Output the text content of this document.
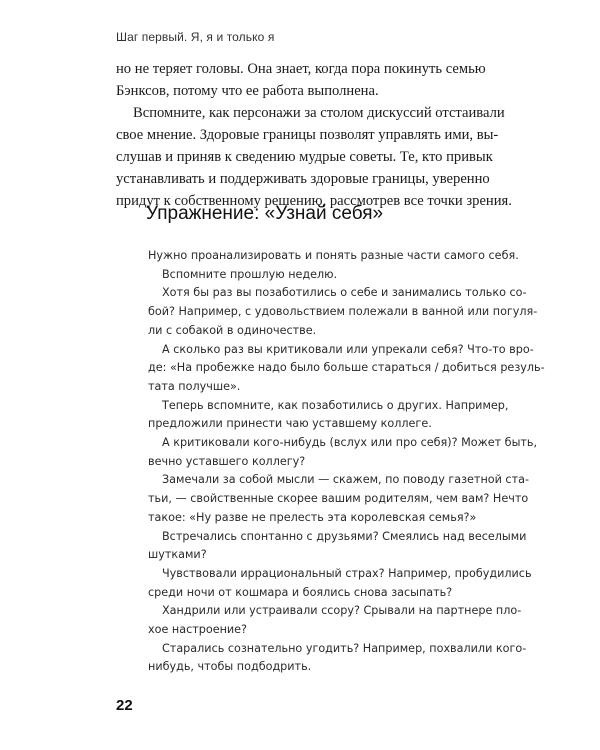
Шаг первый. Я, я и только я
но не теряет головы. Она знает, когда пора покинуть семью
Бэнксов, потому что ее работа выполнена.
Вспомните, как персонажи за столом дискуссий отстаивали
свое мнение. Здоровые границы позволят управлять ими, вы-
слушав и приняв к сведению мудрые советы. Те, кто привык
устанавливать и поддерживать здоровые границы, уверенно
придут к собственному решению, рассмотрев все точки зрения.
Упражнение: «Узнай себя»
Нужно проанализировать и понять разные части самого себя.
Вспомните прошлую неделю.
Хотя бы раз вы позаботились о себе и занимались только со-
бой? Например, с удовольствием полежали в ванной или погуля-
ли с собакой в одиночестве.
А сколько раз вы критиковали или упрекали себя? Что-то вро-
де: «На пробежке надо было больше стараться / добиться резуль-
тата получше».
Теперь вспомните, как позаботились о других. Например,
предложили принести чаю уставшему коллеге.
А критиковали кого-нибудь (вслух или про себя)? Может быть,
вечно уставшего коллегу?
Замечали за собой мысли — скажем, по поводу газетной ста-
тьи, — свойственные скорее вашим родителям, чем вам? Нечто
такое: «Ну разве не прелесть эта королевская семья?»
Встречались спонтанно с друзьями? Смеялись над веселыми
шутками?
Чувствовали иррациональный страх? Например, пробудились
среди ночи от кошмара и боялись снова засыпать?
Хандрили или устраивали ссору? Срывали на партнере пло-
хое настроение?
Старались сознательно угодить? Например, похвалили кого-
нибудь, чтобы подбодрить.
22
